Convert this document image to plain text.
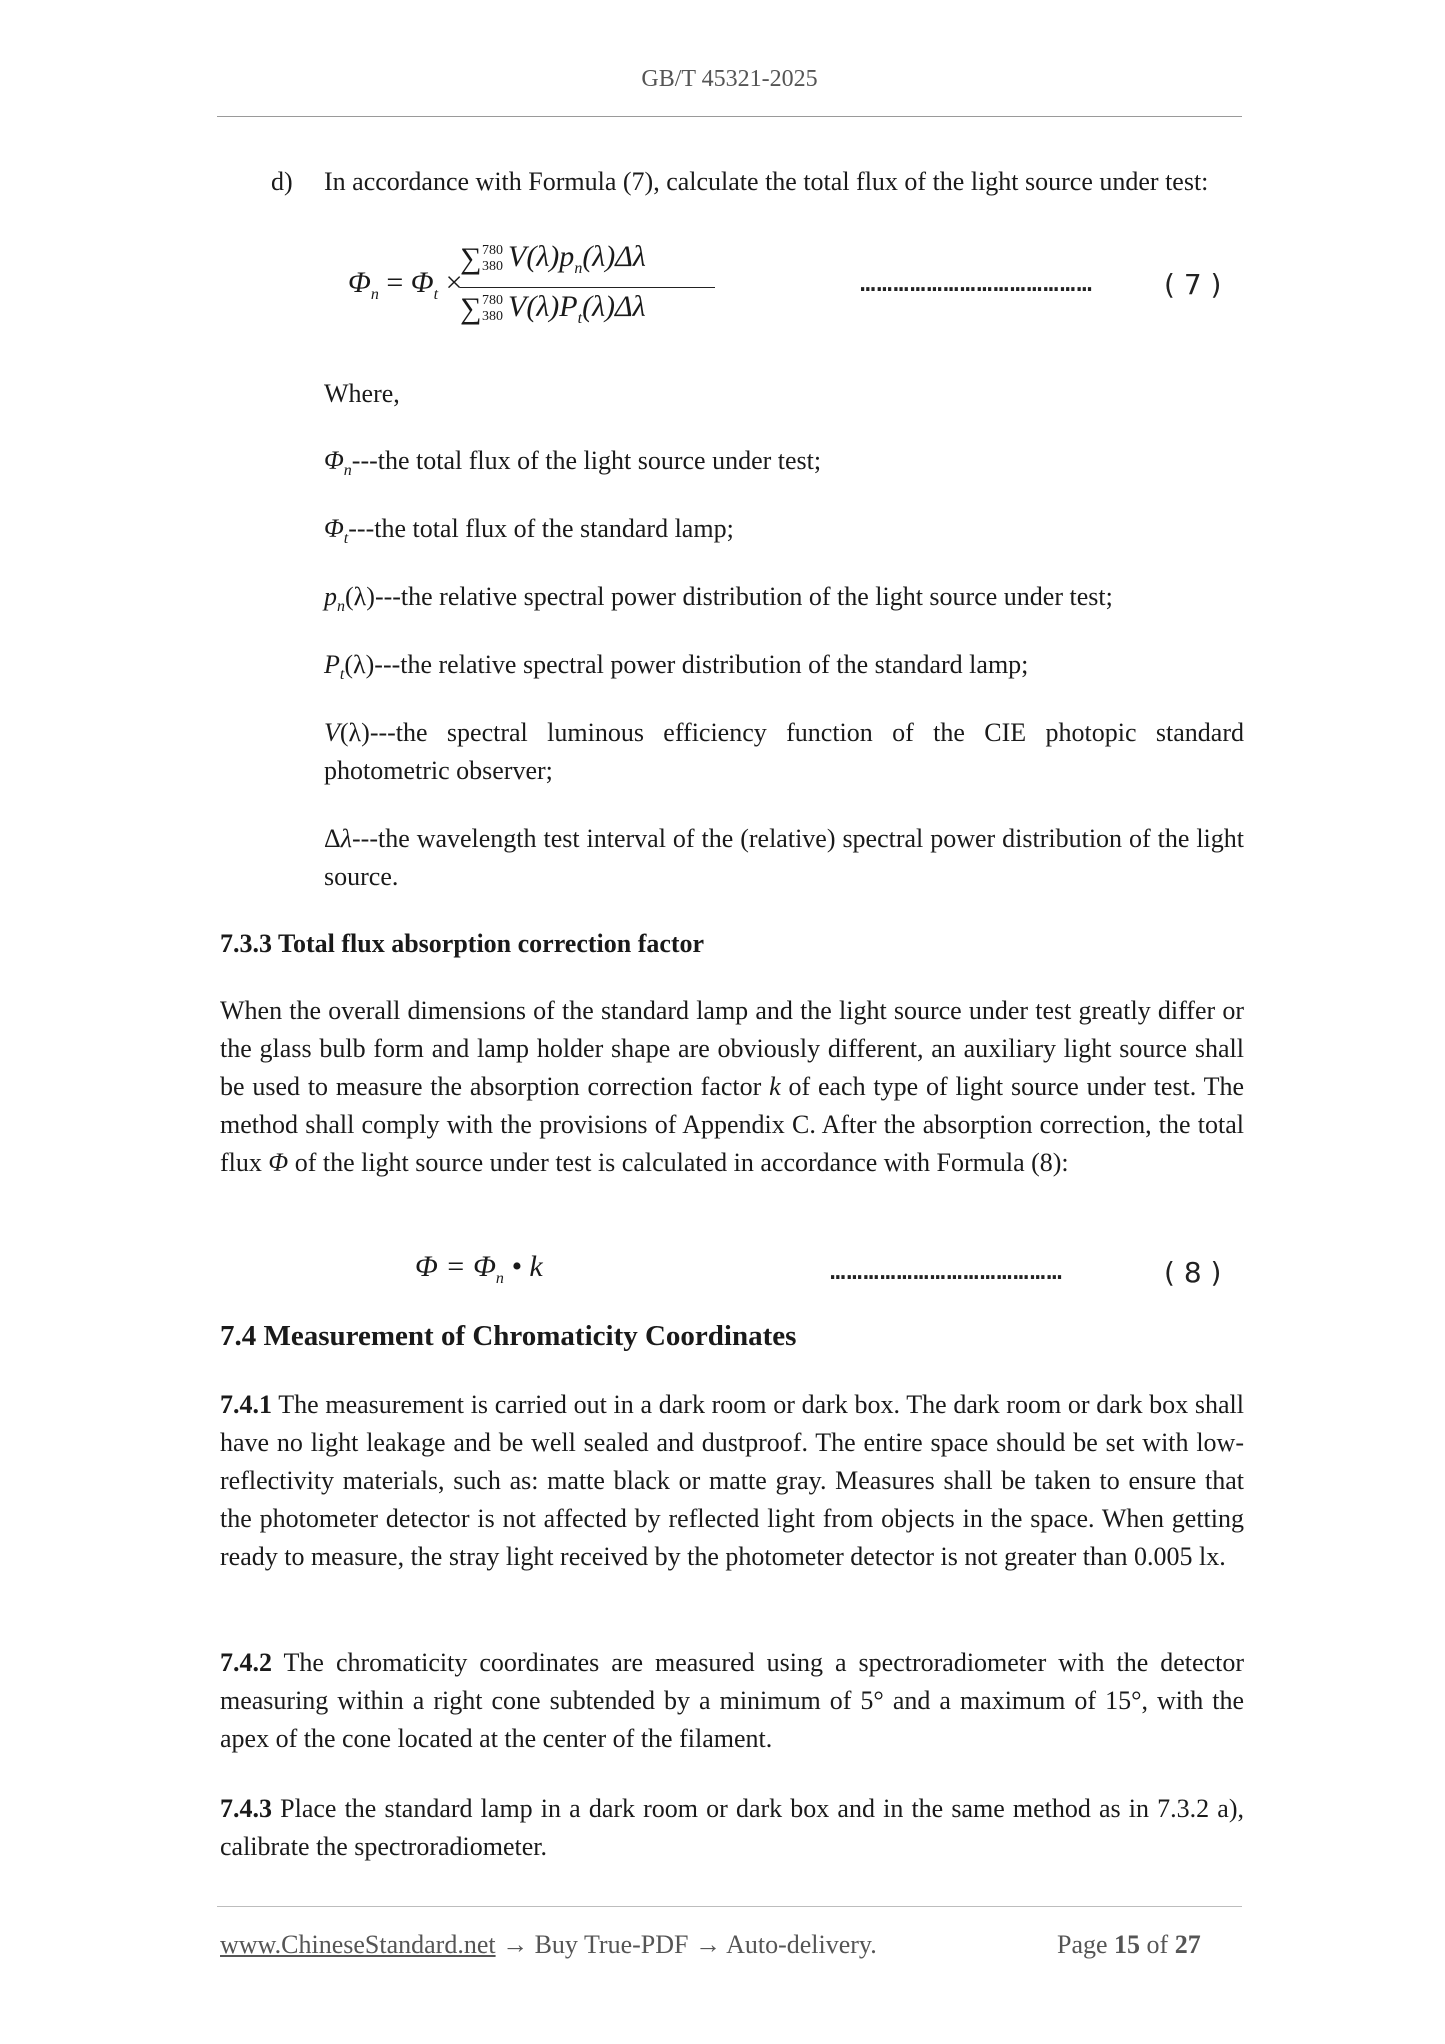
GB/T 45321-2025
d) In accordance with Formula (7), calculate the total flux of the light source under test:
$\Phi_n = \Phi_t$ ×
∑ 780
380 $V(\lambda)p_n(\lambda)\Delta\lambda$
∑ 780
380 $V(\lambda)P_t(\lambda)\Delta\lambda$
……………………………………	( 7 )
Where,
$\Phi_n--$-the total flux of the light source under test;
$\Phi_t--$-the total flux of the standard lamp;
$p_n(\lambda)--$-the relative spectral power distribution of the light source under test;
$P_t(\lambda)--$-the relative spectral power distribution of the standard lamp;
V(λ)---the spectral luminous efficiency function of the CIE photopic standard photometric observer;
Δλ---the wavelength test interval of the (relative) spectral power distribution of the light source.
7.3.3 Total flux absorption correction factor
When the overall dimensions of the standard lamp and the light source under test greatly differ or the glass bulb form and lamp holder shape are obviously different, an auxiliary light source shall be used to measure the absorption correction factor k of each type of light source under test. The method shall comply with the provisions of Appendix C. After the absorption correction, the total flux Φ of the light source under test is calculated in accordance with Formula (8):
$\Phi = \Phi_n$ • k	……………………………………	( 8 )
7.4 Measurement of Chromaticity Coordinates
7.4.1 The measurement is carried out in a dark room or dark box. The dark room or dark box shall have no light leakage and be well sealed and dustproof. The entire space should be set with low-reflectivity materials, such as: matte black or matte gray. Measures shall be taken to ensure that the photometer detector is not affected by reflected light from objects in the space. When getting ready to measure, the stray light received by the photometer detector is not greater than 0.005 lx.
7.4.2 The chromaticity coordinates are measured using a spectroradiometer with the detector measuring within a right cone subtended by a minimum of 5° and a maximum of 15°, with the apex of the cone located at the center of the filament.
7.4.3 Place the standard lamp in a dark room or dark box and in the same method as in 7.3.2 a), calibrate the spectroradiometer.
www.ChineseStandard.net → Buy True-PDF → Auto-delivery.	Page 15 of 27
